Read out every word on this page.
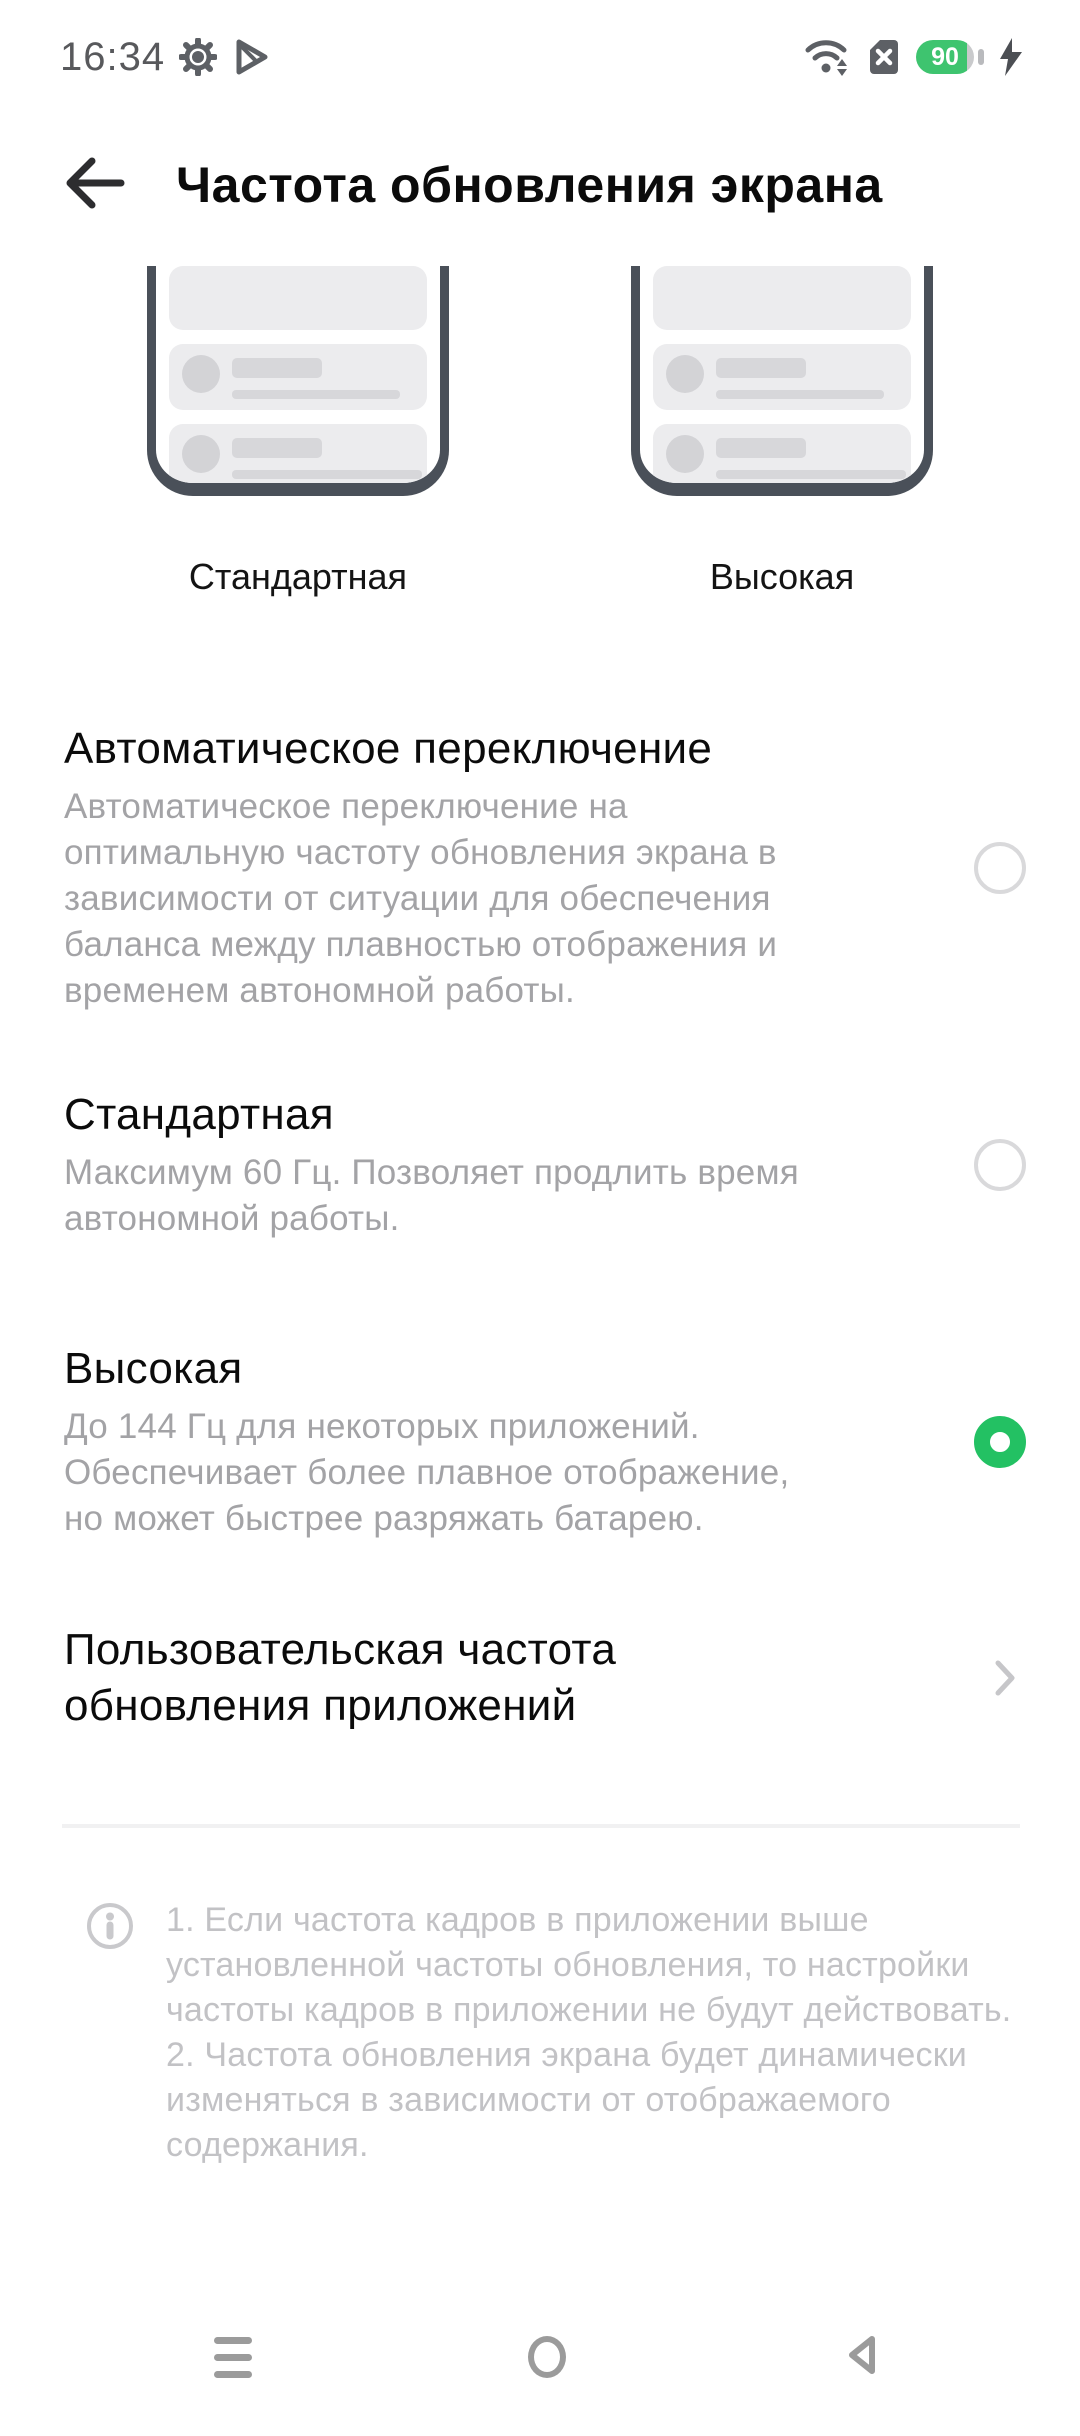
16:34	90
Частота обновления экрана
Стандартная	Высокая
Автоматическое переключение
Автоматическое переключение на оптимальную частоту обновления экрана в зависимости от ситуации для обеспечения баланса между плавностью отображения и временем автономной работы.
Стандартная
Максимум 60 Гц. Позволяет продлить время автономной работы.
Высокая
До 144 Гц для некоторых приложений. Обеспечивает более плавное отображение, но может быстрее разряжать батарею.
Пользовательская частота обновления приложений

1. Если частота кадров в приложении выше установленной частоты обновления, то настройки частоты кадров в приложении не будут действовать.

2. Частота обновления экрана будет динамически изменяться в зависимости от отображаемого содержания.
